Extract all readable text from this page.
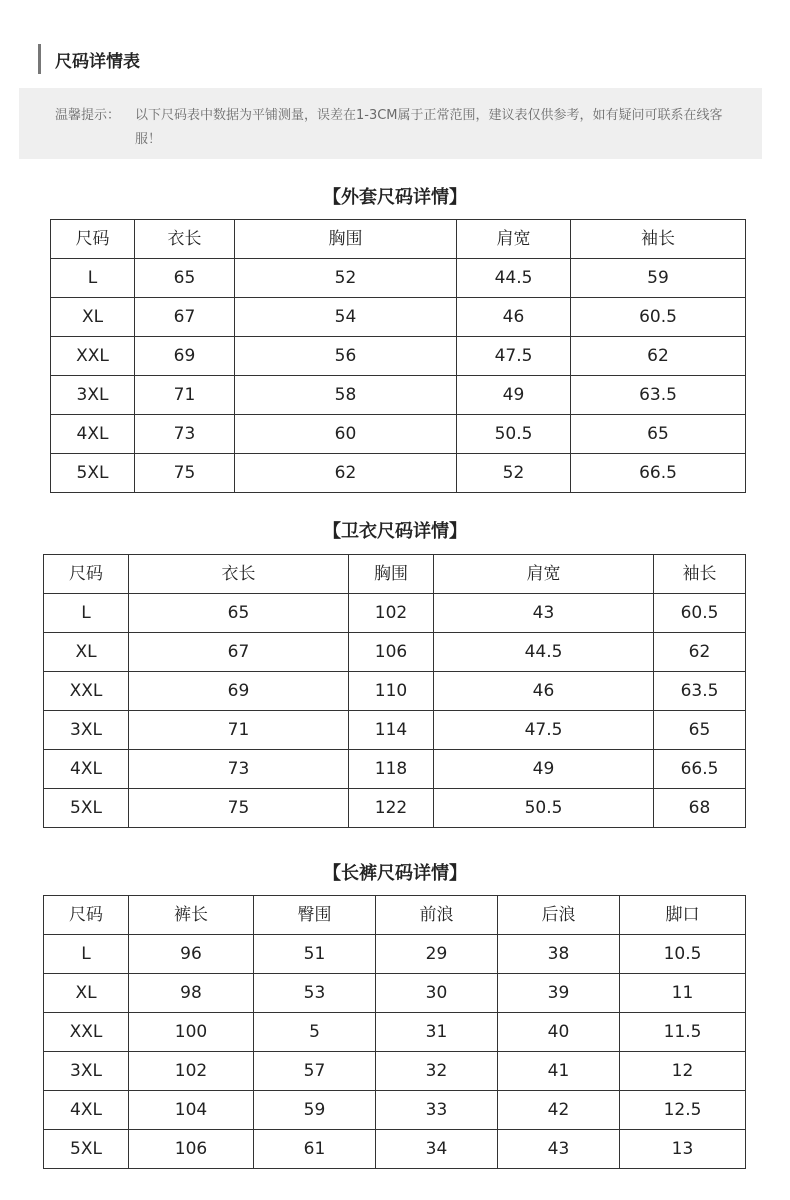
尺码详情表
温馨提示： 以下尺码表中数据为平铺测量，误差在1-3CM属于正常范围，建议表仅供参考，如有疑问可联系在线客服！
【外套尺码详情】
尺码	衣长	胸围	肩宽	袖长
L	65	52	44.5	59
XL	67	54	46	60.5
XXL	69	56	47.5	62
3XL	71	58	49	63.5
4XL	73	60	50.5	65
5XL	75	62	52	66.5
【卫衣尺码详情】
尺码	衣长	胸围	肩宽	袖长
L	65	102	43	60.5
XL	67	106	44.5	62
XXL	69	110	46	63.5
3XL	71	114	47.5	65
4XL	73	118	49	66.5
5XL	75	122	50.5	68
【长裤尺码详情】
尺码	裤长	臀围	前浪	后浪	脚口
L	96	51	29	38	10.5
XL	98	53	30	39	11
XXL	100	5	31	40	11.5
3XL	102	57	32	41	12
4XL	104	59	33	42	12.5
5XL	106	61	34	43	13
